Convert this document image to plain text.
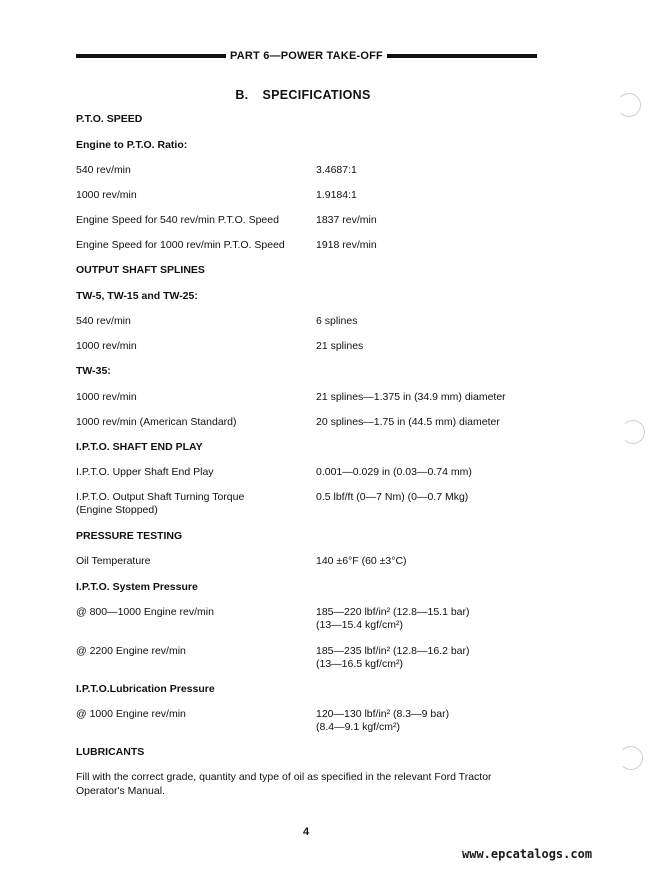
PART 6—POWER TAKE-OFF
B. SPECIFICATIONS
P.T.O. SPEED
Engine to P.T.O. Ratio:
540 rev/min	3.4687:1
1000 rev/min	1.9184:1
Engine Speed for 540 rev/min P.T.O. Speed	1837 rev/min
Engine Speed for 1000 rev/min P.T.O. Speed	1918 rev/min
OUTPUT SHAFT SPLINES
TW-5, TW-15 and TW-25:
540 rev/min	6 splines
1000 rev/min	21 splines
TW-35:
1000 rev/min	21 splines—1.375 in (34.9 mm) diameter
1000 rev/min (American Standard)	20 splines—1.75 in (44.5 mm) diameter
I.P.T.O. SHAFT END PLAY
I.P.T.O. Upper Shaft End Play	0.001—0.029 in (0.03—0.74 mm)
I.P.T.O. Output Shaft Turning Torque	0.5 lbf/ft (0—7 Nm) (0—0.7 Mkg)
(Engine Stopped)
PRESSURE TESTING
Oil Temperature	140 ±6°F (60 ±3°C)
I.P.T.O. System Pressure
@ 800—1000 Engine rev/min	185—220 lbf/in² (12.8—15.1 bar)
(13—15.4 kgf/cm²)
@ 2200 Engine rev/min	185—235 lbf/in² (12.8—16.2 bar)
(13—16.5 kgf/cm²)
I.P.T.O.Lubrication Pressure
@ 1000 Engine rev/min	120—130 lbf/in² (8.3—9 bar)
(8.4—9.1 kgf/cm²)
LUBRICANTS
Fill with the correct grade, quantity and type of oil as specified in the relevant Ford Tractor
Operator's Manual.
4
www.epcatalogs.com
